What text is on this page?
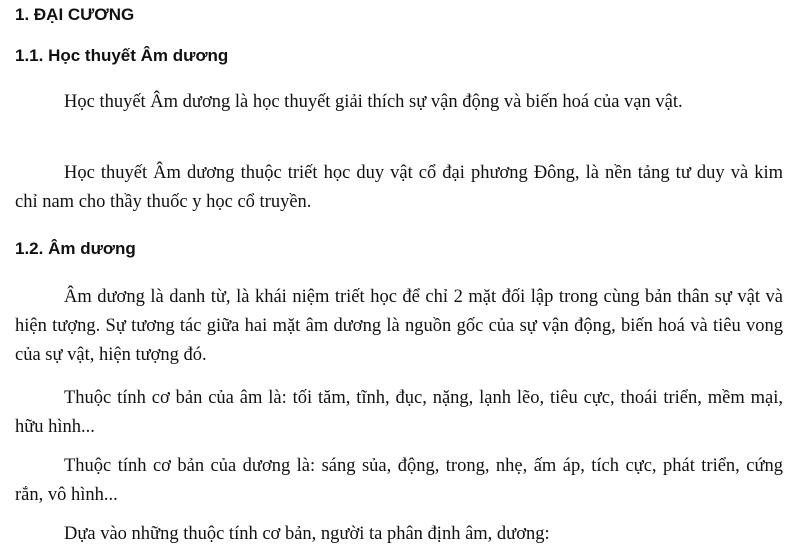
1. ĐẠI CƯƠNG
1.1. Học thuyết Âm dương

Học thuyết Âm dương là học thuyết giải thích sự vận động và biến hoá của vạn vật.

Học thuyết Âm dương thuộc triết học duy vật cổ đại phương Đông, là nền tảng tư duy và kim chỉ nam cho thầy thuốc y học cổ truyền.

1.2. Âm dương

Âm dương là danh từ, là khái niệm triết học để chỉ 2 mặt đối lập trong cùng bản thân sự vật và hiện tượng. Sự tương tác giữa hai mặt âm dương là nguồn gốc của sự vận động, biến hoá và tiêu vong của sự vật, hiện tượng đó.

Thuộc tính cơ bản của âm là: tối tăm, tĩnh, đục, nặng, lạnh lẽo, tiêu cực, thoái triển, mềm mại, hữu hình...

Thuộc tính cơ bản của dương là: sáng sủa, động, trong, nhẹ, ấm áp, tích cực, phát triển, cứng rắn, vô hình...

Dựa vào những thuộc tính cơ bản, người ta phân định âm, dương:
